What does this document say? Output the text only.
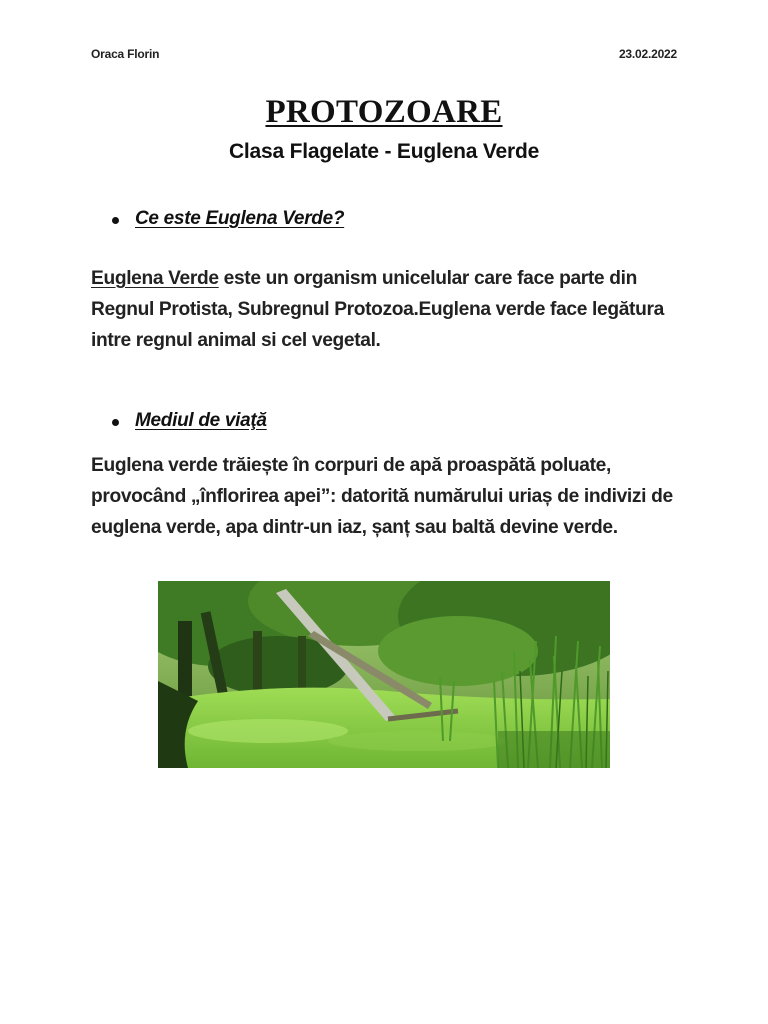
Oraca Florin	23.02.2022
PROTOZOARE
Clasa Flagelate - Euglena Verde
Ce este Euglena Verde?
Euglena Verde este un organism unicelular care face parte din Regnul Protista, Subregnul Protozoa.Euglena verde face legătura intre regnul animal si cel vegetal.
Mediul de viaţă
Euglena verde trăiește în corpuri de apă proaspătă poluate, provocând „înflorirea apei”: datorită numărului uriaș de indivizi de euglena verde, apa dintr-un iaz, șanț sau baltă devine verde.
